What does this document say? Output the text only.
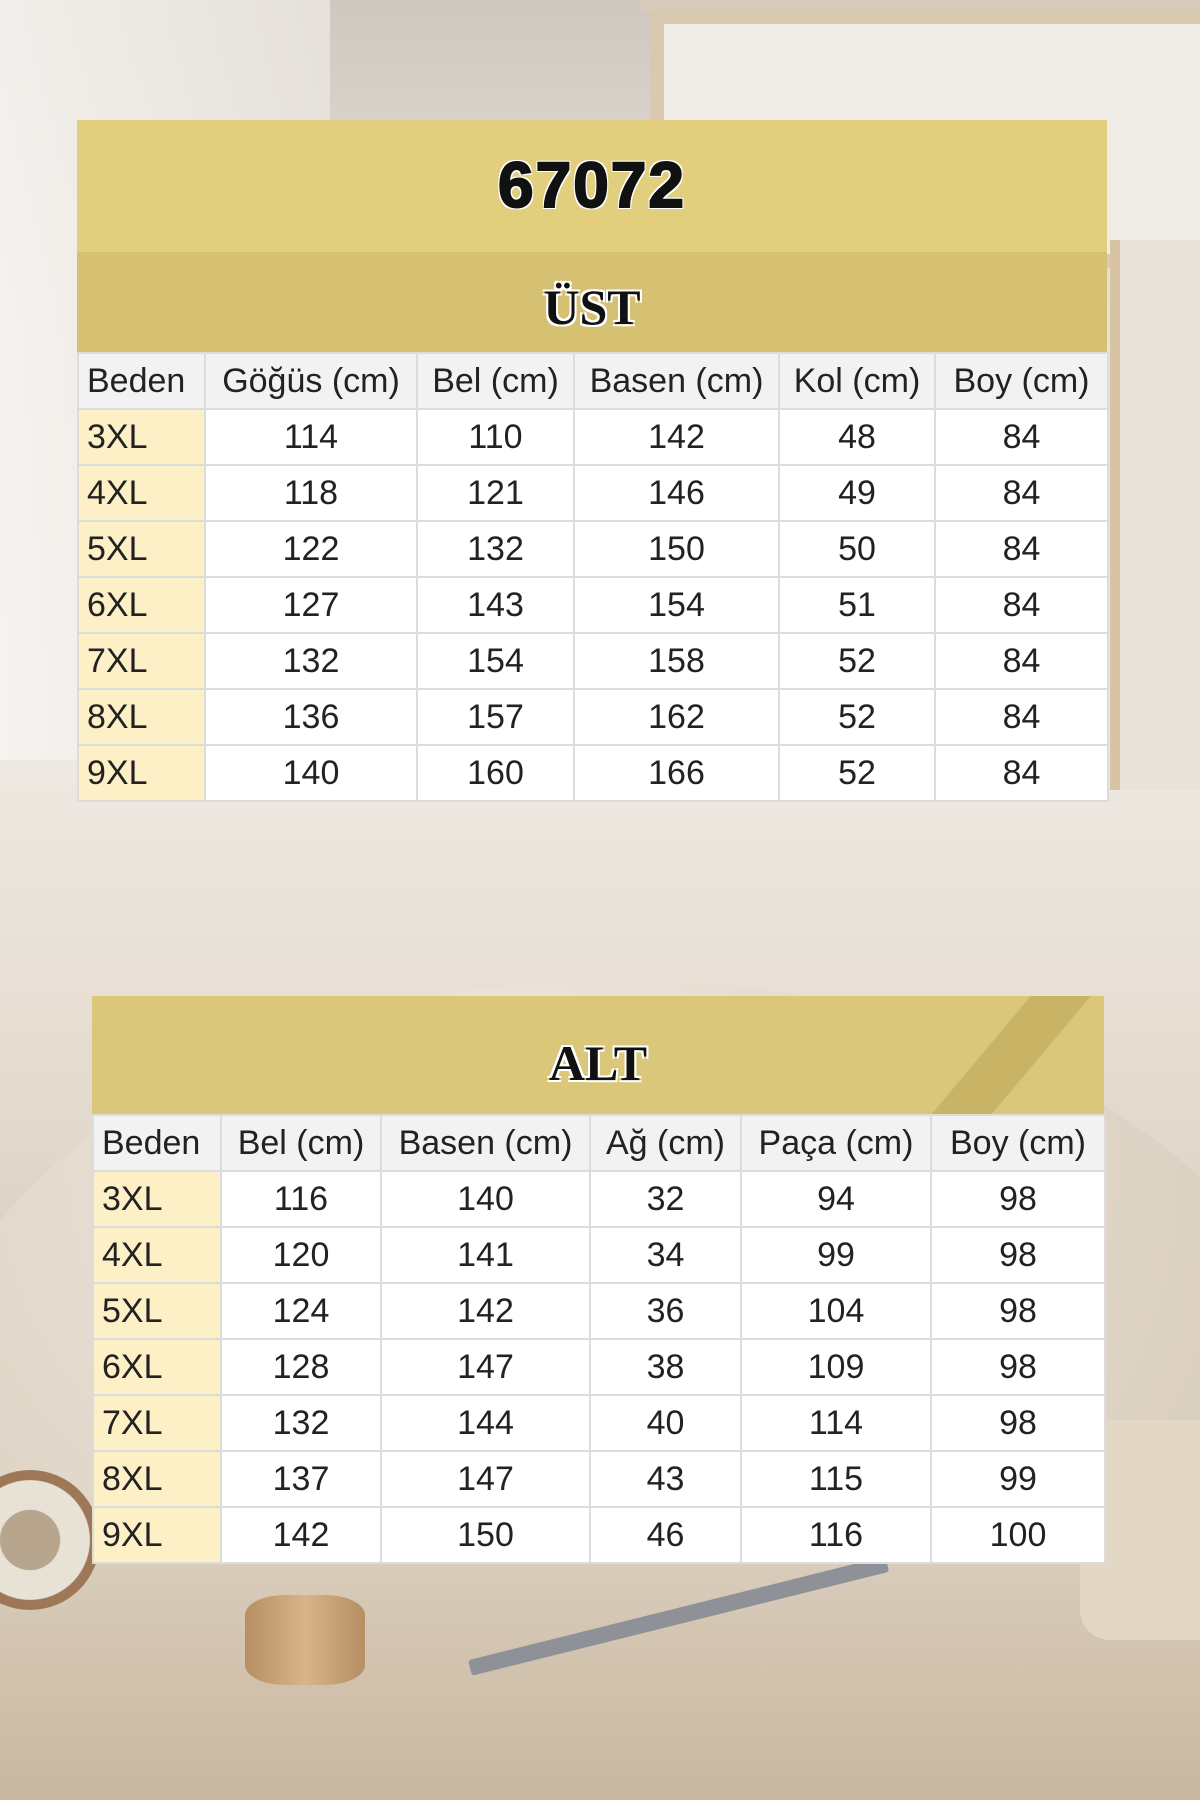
67072
ÜST
Beden	Göğüs (cm)	Bel (cm)	Basen (cm)	Kol (cm)	Boy (cm)
3XL	114	110	142	48	84
4XL	118	121	146	49	84
5XL	122	132	150	50	84
6XL	127	143	154	51	84
7XL	132	154	158	52	84
8XL	136	157	162	52	84
9XL	140	160	166	52	84
ALT
Beden	Bel (cm)	Basen (cm)	Ağ (cm)	Paça (cm)	Boy (cm)
3XL	116	140	32	94	98
4XL	120	141	34	99	98
5XL	124	142	36	104	98
6XL	128	147	38	109	98
7XL	132	144	40	114	98
8XL	137	147	43	115	99
9XL	142	150	46	116	100
